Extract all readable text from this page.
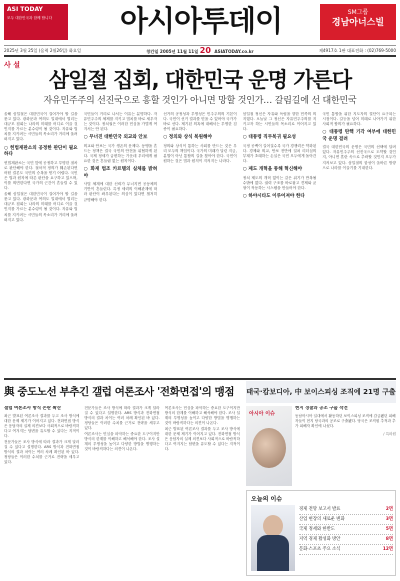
ASI TODAY
모두 대한민국과 함께 합니다	아시아투데이	SM그룹
경남아너스빌
2025년 3월 25일 (음력 2월26일) 화요일	창간일 2005년 11월 11일 20 ASIATODAY.co.kr	제4917호 1판 대표전화 : (02)769-5000
사 설
삼일절 집회, 대한민국 운명 가른다
자유민주주의 선진국으로 흥할 것인가 아니면 망할 것인가… 갈림길에 선 대한민국

올해 삼일절은 대한민국이 걸어가야 할 길을 묻고 있다. 광화문과 여의도 일대에서 열리는 대규모 집회는 나라의 미래를 어디로 이끌 것인지를 가르는 분수령이 될 것이다. 자유와 법치를 지키려는 시민들의 목소리가 거리에 울려 퍼지고 있다.

○ 헌법재판소의 공정한 판단이 필요하다

헌법재판소는 국민 앞에 공정하고 투명한 절차로 판단해야 한다. 절차적 정의가 훼손된다면 어떤 결론도 국민의 승복을 얻기 어렵다. 국민은 법과 원칙에 따른 판단을 요구하고 있으며, 이를 외면한다면 국가의 근간이 흔들릴 수 있다.

올해 삼일절은 대한민국이 걸어가야 할 길을 묻고 있다. 광화문과 여의도 일대에서 열리는 대규모 집회는 나라의 미래를 어디로 이끌 것인지를 가르는 분수령이 될 것이다. 자유와 법치를 지키려는 시민들의 목소리가 거리에 울려 퍼지고 있다.

국민들이 거리로 나서는 이유는 분명하다. 자유민주주의 체제를 지키고 법치를 바로 세우자는 것이다. 정치권은 이러한 민심을 가볍게 여겨서는 안 된다.

○ 무너진 대한민국 외교와 안보

외교와 안보는 국가 생존의 문제다. 동맹을 흔드는 정책은 결국 국민의 안전을 위협하게 된다. 국제 정세가 급변하는 가운데 우리에게 필요한 것은 흔들림 없는 원칙이다.

○ 화재 법조 카르텔의 실체를 밝혀야

사법 체계에 대한 신뢰가 무너지면 공동체의 기반이 흔들린다. 특정 세력의 이해관계에 따라 판단이 좌우된다는 의심이 있다면 철저히 규명해야 한다.

선거의 공정성과 투명성은 민주주의의 기본이다. 국민이 선거 결과를 믿을 수 있어야 국가가 바로 선다. 제기된 의혹에 대해서는 투명한 검증이 필요하다.

○ 정의와 상식 복원해야

정의와 상식이 통하는 사회를 만드는 것은 우리 모두의 책임이다. 국가의 미래가 달린 지금, 분열이 아닌 통합의 길을 찾아야 한다. 국민이 원하는 것은 법과 원칙이 지켜지는 나라다.

삼일절 정신은 자유와 독립을 향한 민족의 의지였다. 오늘날 그 정신은 자유민주주의를 지키고자 하는 시민들의 목소리로 이어지고 있다.

○ 대통령 직무복귀 필요성

국정 공백이 길어질수록 국가 경쟁력은 약화된다. 경제와 외교, 안보 전반에 걸쳐 리더십의 부재가 초래하는 손실은 국민 모두에게 돌아간다.

○ 제도 개혁을 통해 혁신해야

정치 제도의 개혁 없이는 같은 위기가 반복될 수밖에 없다. 권력 구조를 바로잡고 견제와 균형이 작동하는 시스템을 만들어야 한다.

○ 하야시타도 이루어져야 한다

국민 통합을 위한 지도자의 결단이 요구되는 시점이다. 갈등을 넘어 미래로 나아가기 위한 사회적 합의가 필요하다.

○ 대통령 탄핵 기각 여부에 대한민국 운명 걸려

결국 대한민국의 운명은 국민의 선택에 달려 있다. 자유민주주의 선진국으로 도약할 것인지, 아니면 혼란 속으로 추락할 것인지 모두가 지켜보고 있다. 삼일절의 함성이 올바른 방향으로 나라를 이끌기를 기대한다.

與 중도노선 부추긴 갤럽 여론조사 '전화면접'의 맹점	태국·캄보디아, 中 보이스피싱 조직에 21명 구출
갤럽 여론조사 방식 논란 확산

최근 발표된 여론조사 결과를 두고 조사 방식에 대한 문제 제기가 이어지고 있다. 전화면접 방식은 응답자의 실제 의견보다 사회적으로 바람직하다고 여겨지는 답변을 유도할 수 있다는 지적이다.

전문가들은 조사 방식에 따라 결과가 크게 달라질 수 있다고 설명한다. ARS 방식과 전화면접 방식의 결과 차이는 여러 차례 확인된 바 있다. 정당들은 이러한 수치를 근거로 전략을 세우고 있다.

전문가들은 조사 방식에 따라 결과가 크게 달라질 수 있다고 설명한다. ARS 방식과 전화면접 방식의 결과 차이는 여러 차례 확인된 바 있다. 정당들은 이러한 수치를 근거로 전략을 세우고 있다.

여론조사는 민심을 파악하는 중요한 도구이지만 방식의 한계를 이해하고 해석해야 한다. 조사 설계의 투명성을 높이고 다양한 방법을 병행하는 것이 바람직하다는 의견이 나온다.

여론조사는 민심을 파악하는 중요한 도구이지만 방식의 한계를 이해하고 해석해야 한다. 조사 설계의 투명성을 높이고 다양한 방법을 병행하는 것이 바람직하다는 의견이 나온다.

최근 발표된 여론조사 결과를 두고 조사 방식에 대한 문제 제기가 이어지고 있다. 전화면접 방식은 응답자의 실제 의견보다 사회적으로 바람직하다고 여겨지는 답변을 유도할 수 있다는 지적이다.

아시아 이슈
현지 경찰과 공조 구출 작전

동남아시아 일대에서 활동하던 보이스피싱 조직에 감금됐던 피해자들이 현지 당국과의 공조로 구출됐다. 당국은 조직원 추적과 추가 피해자 확인에 나섰다.

/ 특파원
오늘의 이슈
경제 전망 보고서 발표	2면
산업 현장의 새로운 변화	3면
국제 정세와 한반도	5면
지역 경제 활성화 방안	8면
문화·스포츠 주요 소식	12면
